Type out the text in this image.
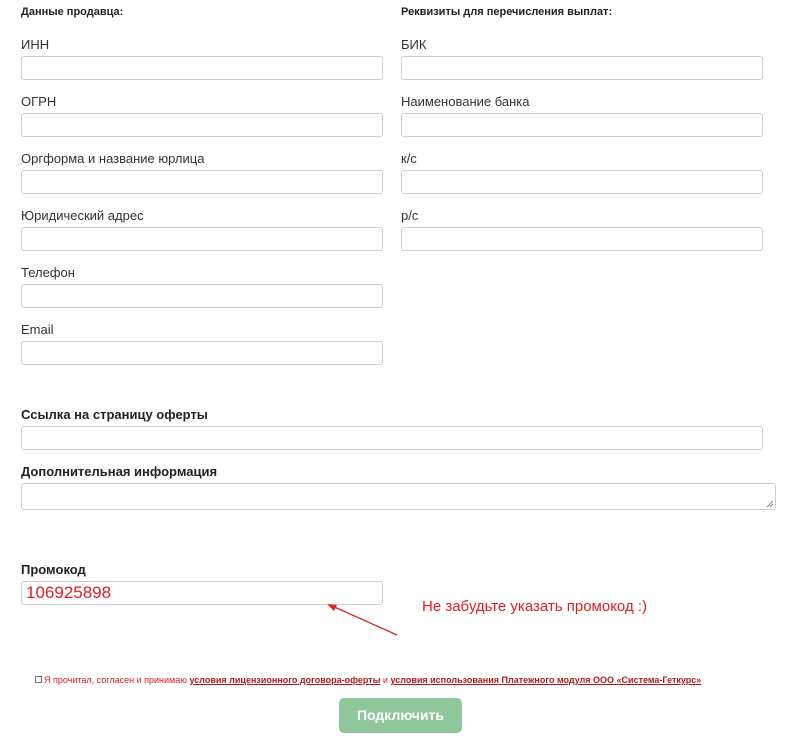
Данные продавца:
ИНН
ОГРН
Оргформа и название юрлица
Юридический адрес
Телефон
Email
Реквизиты для перечисления выплат:
БИК
Наименование банка
к/с
р/с
Ссылка на страницу оферты
Дополнительная информация
Промокод
106925898
Не забудьте указать промокод :)
Я прочитал, согласен и принимаю условия лицензионного договора-оферты и условия использования Платежного модуля ООО «Система-Геткурс»
Подключить
